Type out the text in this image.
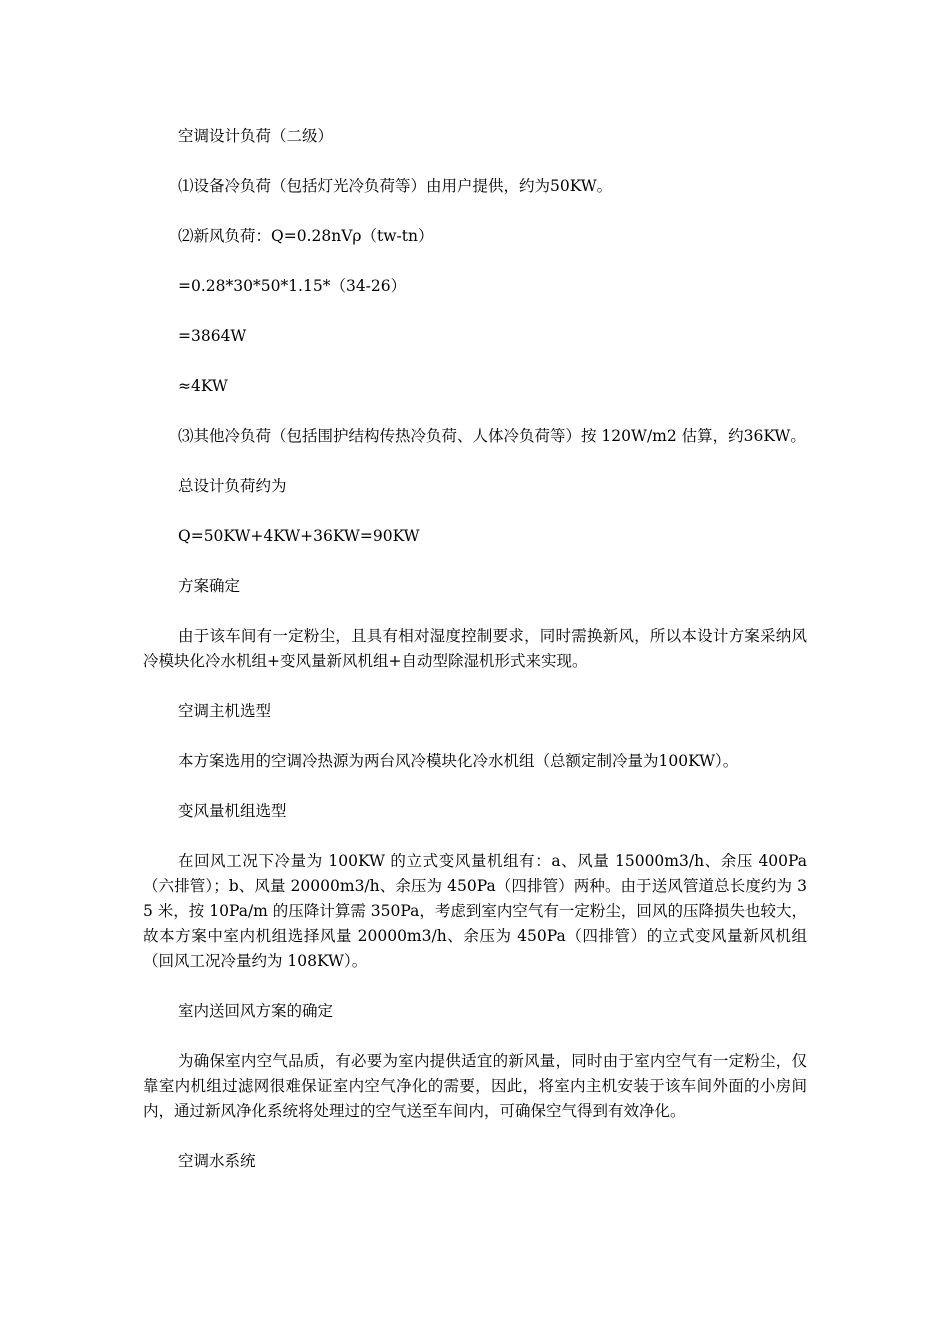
空调设计负荷（二级）

⑴设备冷负荷（包括灯光冷负荷等）由用户提供，约为50KW。

⑵新风负荷：Q=0.28nVρ（tw-tn）

=0.28*30*50*1.15*（34-26）

=3864W

≈4KW

⑶其他冷负荷（包括围护结构传热冷负荷、人体冷负荷等）按 120W/m2 估算，约36KW。

总设计负荷约为

Q=50KW+4KW+36KW=90KW

方案确定

由于该车间有一定粉尘，且具有相对湿度控制要求，同时需换新风，所以本设计方案采纳风冷模块化冷水机组+变风量新风机组+自动型除湿机形式来实现。

空调主机选型

本方案选用的空调冷热源为两台风冷模块化冷水机组（总额定制冷量为100KW）。

变风量机组选型

在回风工况下冷量为 100KW 的立式变风量机组有：a、风量 15000m3/h、余压 400Pa（六排管）；b、风量 20000m3/h、余压为 450Pa（四排管）两种。由于送风管道总长度约为 35 米，按 10Pa/m 的压降计算需 350Pa，考虑到室内空气有一定粉尘，回风的压降损失也较大，故本方案中室内机组选择风量 20000m3/h、余压为 450Pa（四排管）的立式变风量新风机组（回风工况冷量约为 108KW）。

室内送回风方案的确定

为确保室内空气品质，有必要为室内提供适宜的新风量，同时由于室内空气有一定粉尘，仅靠室内机组过滤网很难保证室内空气净化的需要，因此，将室内主机安装于该车间外面的小房间内，通过新风净化系统将处理过的空气送至车间内，可确保空气得到有效净化。

空调水系统
